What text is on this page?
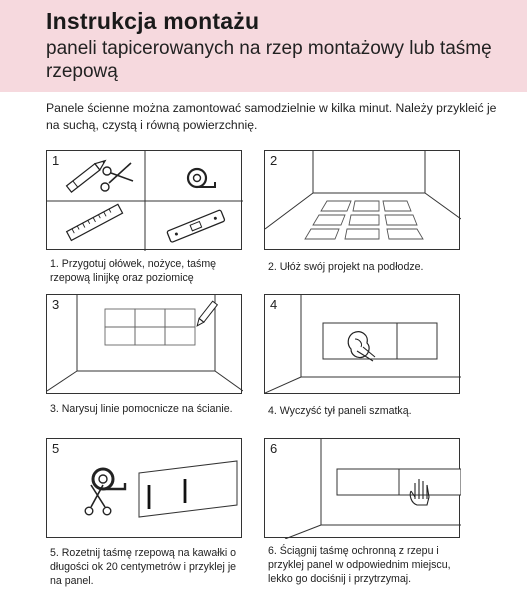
Instrukcja montażu
paneli tapicerowanych na rzep montażowy lub taśmę rzepową
Panele ścienne można zamontować samodzielnie w kilka minut. Należy przykleić je na suchą, czystą i równą powierzchnię.
1
1. Przygotuj ołówek, nożyce, taśmę rzepową linijkę oraz poziomicę
2
2. Ułóż swój projekt na podłodze.
3
3. Narysuj linie pomocnicze na ścianie.
4
4. Wyczyść tył paneli szmatką.
5
5. Rozetnij taśmę rzepową na kawałki o długości ok 20 centymetrów i przyklej je na panel.
6
6. Ściągnij taśmę ochronną z rzepu i przyklej panel w odpowiednim miejscu, lekko go dociśnij i przytrzymaj.
